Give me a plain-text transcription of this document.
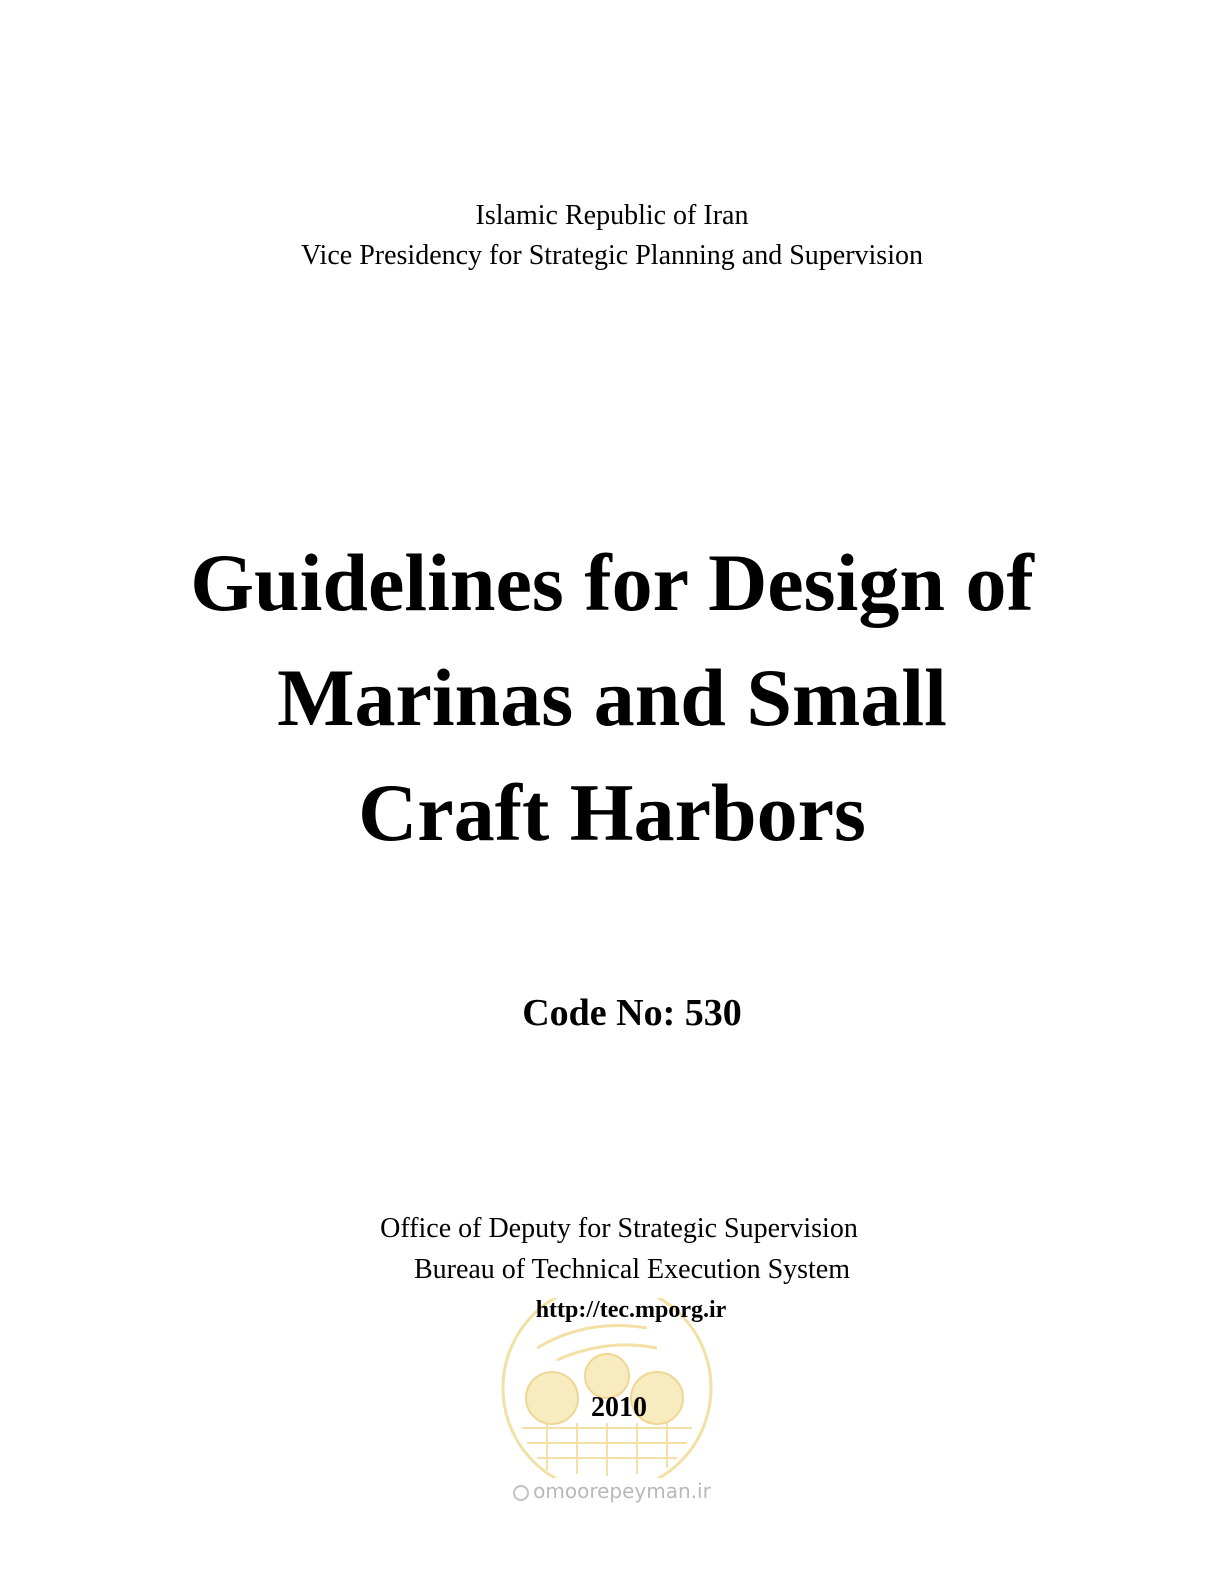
Islamic Republic of Iran
Vice Presidency for Strategic Planning and Supervision
Guidelines for Design of
Marinas and Small
Craft Harbors
Code No: 530
Office of Deputy for Strategic Supervision
Bureau of Technical Execution System
http://tec.mporg.ir
2010
omoorepeyman.ir
